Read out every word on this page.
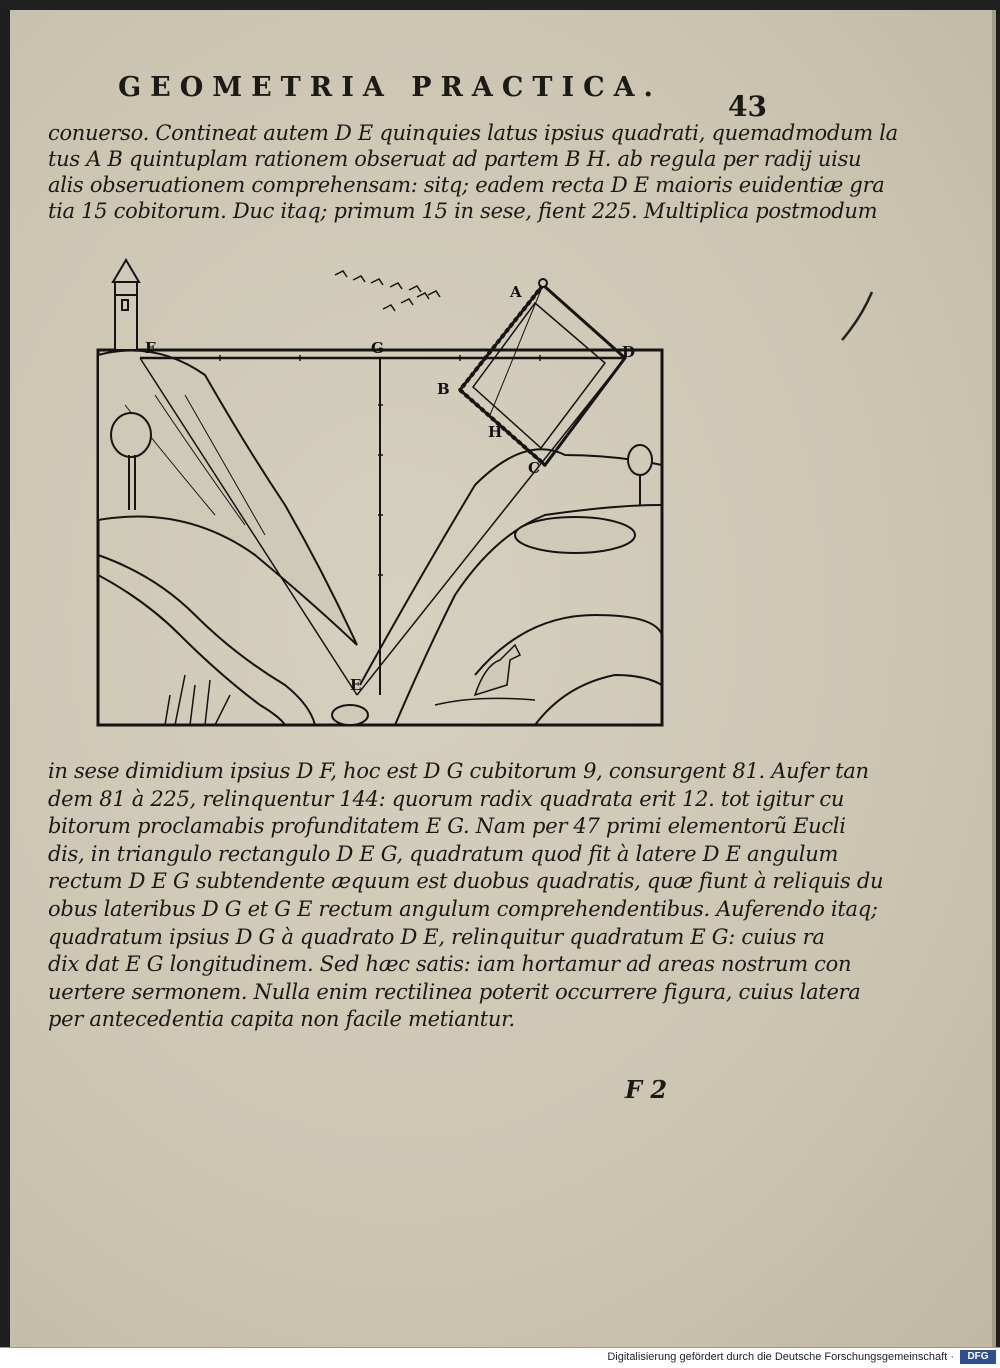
GEOMETRIA PRACTICA.
43
conuerso. Contineat autem D E quinquies latus ipsius quadrati, quemadmodum la
tus A B quintuplam rationem obseruat ad partem B H. ab regula per radij uisu
alis obseruationem comprehensam: sitq; eadem recta D E maioris euidentiæ gra
tia 15 cobitorum. Duc itaq; primum 15 in sese, fient 225. Multiplica postmodum
F	G
A
D
B
H
C
E
in sese dimidium ipsius D F, hoc est D G cubitorum 9, consurgent 81. Aufer tan
dem 81 à 225, relinquentur 144: quorum radix quadrata erit 12. tot igitur cu
bitorum proclamabis profunditatem E G. Nam per 47 primi elementorũ Eucli
dis, in triangulo rectangulo D E G, quadratum quod fit à latere D E angulum
rectum D E G subtendente æquum est duobus quadratis, quæ fiunt à reliquis du
obus lateribus D G et G E rectum angulum comprehendentibus. Auferendo itaq;
quadratum ipsius D G à quadrato D E, relinquitur quadratum E G: cuius ra
dix dat E G longitudinem. Sed hæc satis: iam hortamur ad areas nostrum con
uertere sermonem. Nulla enim rectilinea poterit occurrere figura, cuius latera
per antecedentia capita non facile metiantur.
F 2
Digitalisierung gefördert durch die Deutsche Forschungsgemeinschaft ·	DFG
